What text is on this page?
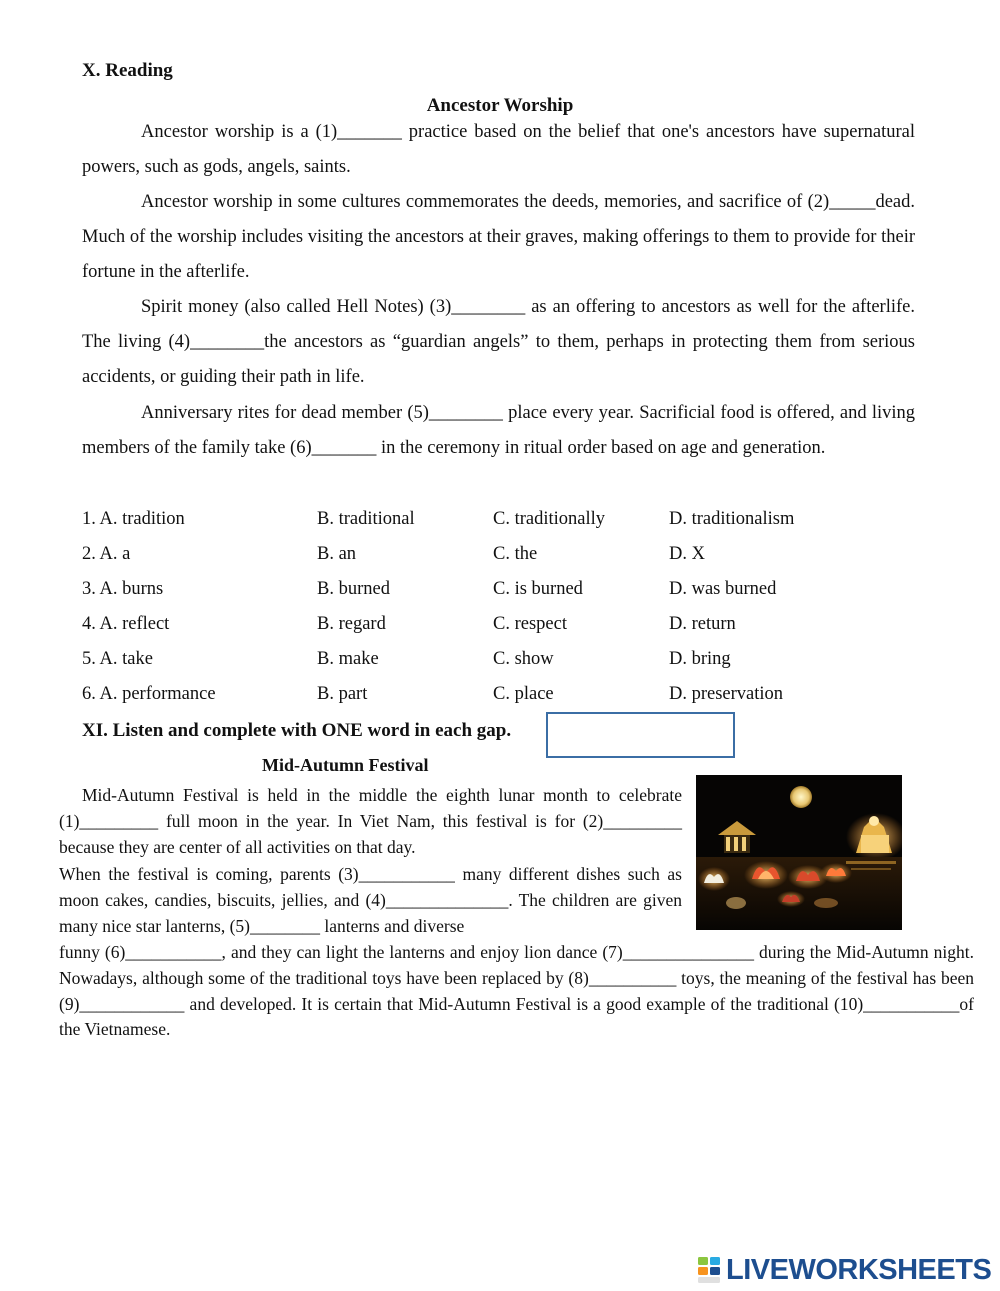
X. Reading
Ancestor Worship

Ancestor worship is a (1)_______ practice based on the belief that one's ancestors have supernatural powers, such as gods, angels, saints.

Ancestor worship in some cultures commemorates the deeds, memories, and sacrifice of (2)_____dead. Much of the worship includes visiting the ancestors at their graves, making offerings to them to provide for their fortune in the afterlife.

Spirit money (also called Hell Notes) (3)________ as an offering to ancestors as well for the afterlife. The living (4)________the ancestors as “guardian angels” to them, perhaps in protecting them from serious accidents, or guiding their path in life.

Anniversary rites for dead member (5)________ place every year. Sacrificial food is offered, and living members of the family take (6)_______ in the ceremony in ritual order based on age and generation.

1. A. tradition	B. traditional	C. traditionally	D. traditionalism
2. A. a	B. an	C. the	D. X
3. A. burns	B. burned	C. is burned	D. was burned
4. A. reflect	B. regard	C. respect	D. return
5. A. take	B. make	C. show	D. bring
6. A. performance	B. part	C. place	D. preservation
XI. Listen and complete with ONE word in each gap.
Mid-Autumn Festival

Mid-Autumn Festival is held in the middle the eighth lunar month to celebrate (1)_________ full moon in the year. In Viet Nam, this festival is for (2)_________ because they are center of all activities on that day.

When the festival is coming, parents (3)___________ many different dishes such as moon cakes, candies, biscuits, jellies, and (4)______________. The children are given many nice star lanterns, (5)________ lanterns and diverse

funny (6)___________, and they can light the lanterns and enjoy lion dance (7)_______________ during the Mid-Autumn night. Nowadays, although some of the traditional toys have been replaced by (8)__________ toys, the meaning of the festival has been (9)____________ and developed. It is certain that Mid-Autumn Festival is a good example of the traditional (10)___________of the Vietnamese.

LIVEWORKSHEETS
